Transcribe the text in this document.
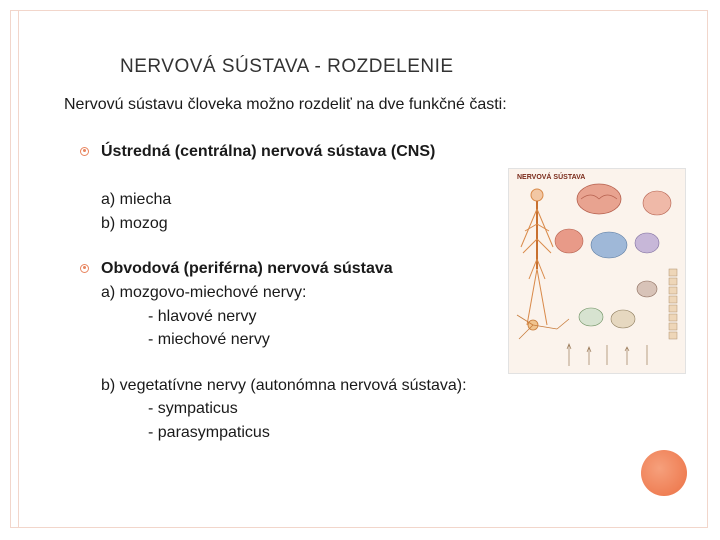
NERVOVÁ SÚSTAVA - ROZDELENIE
Nervovú sústavu človeka možno rozdeliť na dve funkčné časti:
Ústredná (centrálna) nervová sústava (CNS)
a) miecha
b) mozog
Obvodová (periférna) nervová sústava
a) mozgovo-miechové nervy:
- hlavové nervy
- miechové nervy
b) vegetatívne nervy (autonómna nervová sústava):
- sympaticus
- parasympaticus
NERVOVÁ SÚSTAVA
